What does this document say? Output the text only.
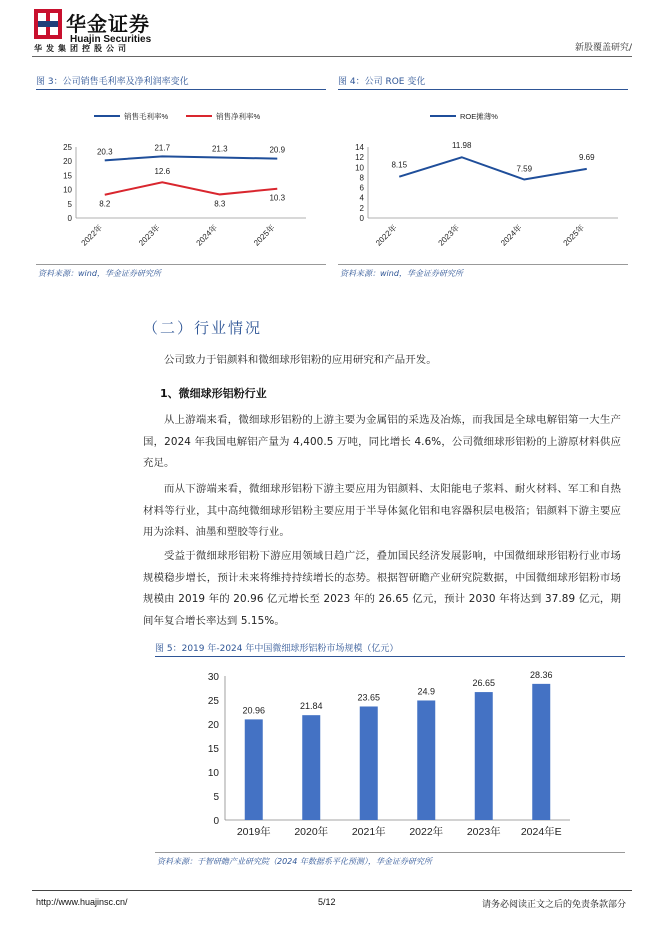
华金证券
Huajin Securities
华发集团控股公司	新股覆盖研究/
图 3：公司销售毛利率及净利润率变化
0
5
10
15
20
25
2022年	2023年	2024年	2025年
20.3	21.7	21.3	20.9
销售毛利率%
8.2
12.6
8.3
10.3
销售净利率%
资料来源：wind，华金证券研究所
图 4：公司 ROE 变化
0
2
4
6
8
10
12
14
2022年	2023年	2024年	2025年
8.15
11.98
7.59
9.69
ROE摊薄%
资料来源：wind，华金证券研究所
（二）行业情况
公司致力于铝颜料和微细球形铝粉的应用研究和产品开发。
1、微细球形铝粉行业
从上游端来看，微细球形铝粉的上游主要为金属铝的采选及冶炼，而我国是全球电解铝第一大生产国，2024 年我国电解铝产量为 4,400.5 万吨，同比增长 4.6%，公司微细球形铝粉的上游原材料供应充足。
而从下游端来看，微细球形铝粉下游主要应用为铝颜料、太阳能电子浆料、耐火材料、军工和自热材料等行业，其中高纯微细球形铝粉主要应用于半导体氮化铝和电容器积层电极箔；铝颜料下游主要应用为涂料、油墨和塑胶等行业。
受益于微细球形铝粉下游应用领域日趋广泛，叠加国民经济发展影响，中国微细球形铝粉行业市场规模稳步增长，预计未来将维持持续增长的态势。根据智研瞻产业研究院数据，中国微细球形铝粉市场规模由 2019 年的 20.96 亿元增长至 2023 年的 26.65 亿元，预计 2030 年将达到 37.89 亿元，期间年复合增长率达到 5.15%。
图 5：2019 年-2024 年中国微细球形铝粉市场规模（亿元）
0
5
10
15
20
25
30
20.96
2019年
21.84
2020年
23.65
2021年
24.9
2022年
26.65
2023年
28.36
2024年E
资料来源：于智研瞻产业研究院（2024 年数据系平化预测），华金证券研究所
http://www.huajinsc.cn/	5/12	请务必阅读正文之后的免责条款部分
